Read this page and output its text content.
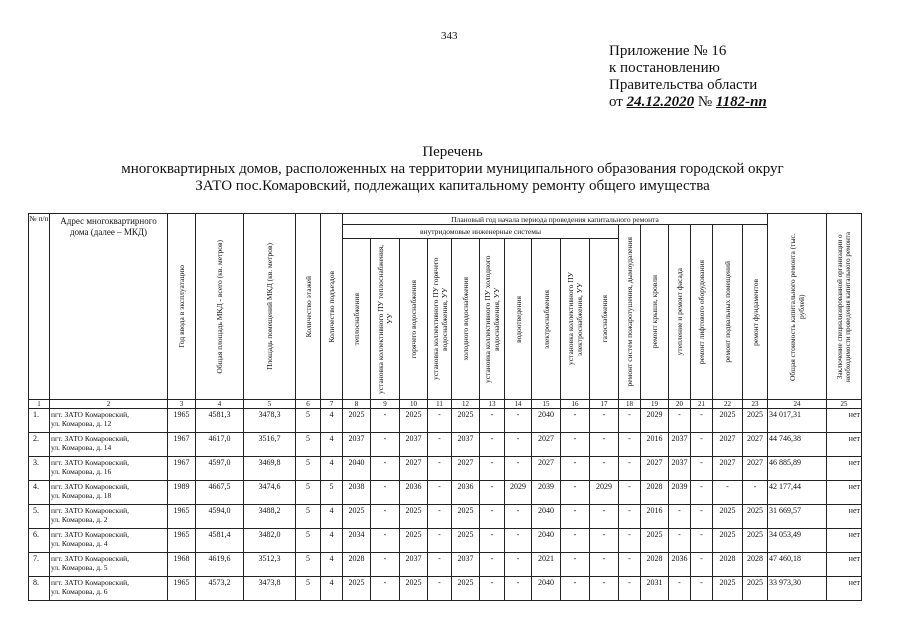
343
Приложение № 16
к постановлению
Правительства области
от 24.12.2020 № 1182-пп
Перечень
многоквартирных домов, расположенных на территории муниципального образования городской округ
ЗАТО пос.Комаровский, подлежащих капитальному ремонту общего имущества
№ п/п	Адрес многоквартирного дома (далее – МКД)	Год ввода в эксплуатацию	Общая площадь МКД - всего (кв. метров)	Площадь помещений МКД (кв. метров)	Количество этажей	Количество подъездов	Плановый год начала периода проведения капитального ремонта																Общая стоимость капитального ремонта (тыс. рублей)	Заключение специализированной организации о необходимости проведения капитального ремонта

							внутридомовые инженерные системы										ремонт систем пожаротушения, дымоудаления	ремонт крыши, кровли	утепление и ремонт фасада	ремонт лифтового оборудования	ремонт подвальных помещений	ремонт фундаментов		

							теплоснабжения	установка коллективного ПУ теплоснабжения, УУ	горячего водоснабжения	установка коллективного ПУ горячего водоснабжения, УУ	холодного водоснабжения	установка коллективного ПУ холодного водоснабжения, УУ	водоотведения	электроснабжения	установка коллективного ПУ электроснабжения, УУ	газоснабжения								

1	2	3	4	5	6	7	8	9	10	11	12	13	14	15	16	17	18	19	20	21	22	23	24	25
1.	пгт. ЗАТО Комаровский,
ул. Комарова, д. 12	1965	4581,3	3478,3	5	4	2025	-	2025	-	2025	-	-	2040	-	-	-	2029	-	-	2025	2025	34 017,31	нет
2.	пгт. ЗАТО Комаровский,
ул. Комарова, д. 14	1967	4617,0	3516,7	5	4	2037	-	2037	-	2037	-	-	2027	-	-	-	2016	2037	-	2027	2027	44 746,38	нет
3.	пгт. ЗАТО Комаровский,
ул. Комарова, д. 16	1967	4597,0	3469,8	5	4	2040	-	2027	-	2027	-	-	2027	-	-	-	2027	2037	-	2027	2027	46 885,89	нет
4.	пгт. ЗАТО Комаровский,
ул. Комарова, д. 18	1989	4667,5	3474,6	5	5	2038	-	2036	-	2036	-	2029	2039	-	2029	-	2028	2039	-	-	-	42 177,44	нет
5.	пгт. ЗАТО Комаровский,
ул. Комарова, д. 2	1965	4594,0	3488,2	5	4	2025	-	2025	-	2025	-	-	2040	-	-	-	2016	-	-	2025	2025	31 669,57	нет
6.	пгт. ЗАТО Комаровский,
ул. Комарова, д. 4	1965	4581,4	3482,0	5	4	2034	-	2025	-	2025	-	-	2040	-	-	-	2025	-	-	2025	2025	34 053,49	нет
7.	пгт. ЗАТО Комаровский,
ул. Комарова, д. 5	1968	4619,6	3512,3	5	4	2028	-	2037	-	2037	-	-	2021	-	-	-	2028	2036	-	2028	2028	47 460,18	нет
8.	пгт. ЗАТО Комаровский,
ул. Комарова, д. 6	1965	4573,2	3473,8	5	4	2025	-	2025	-	2025	-	-	2040	-	-	-	2031	-	-	2025	2025	33 973,30	нет
